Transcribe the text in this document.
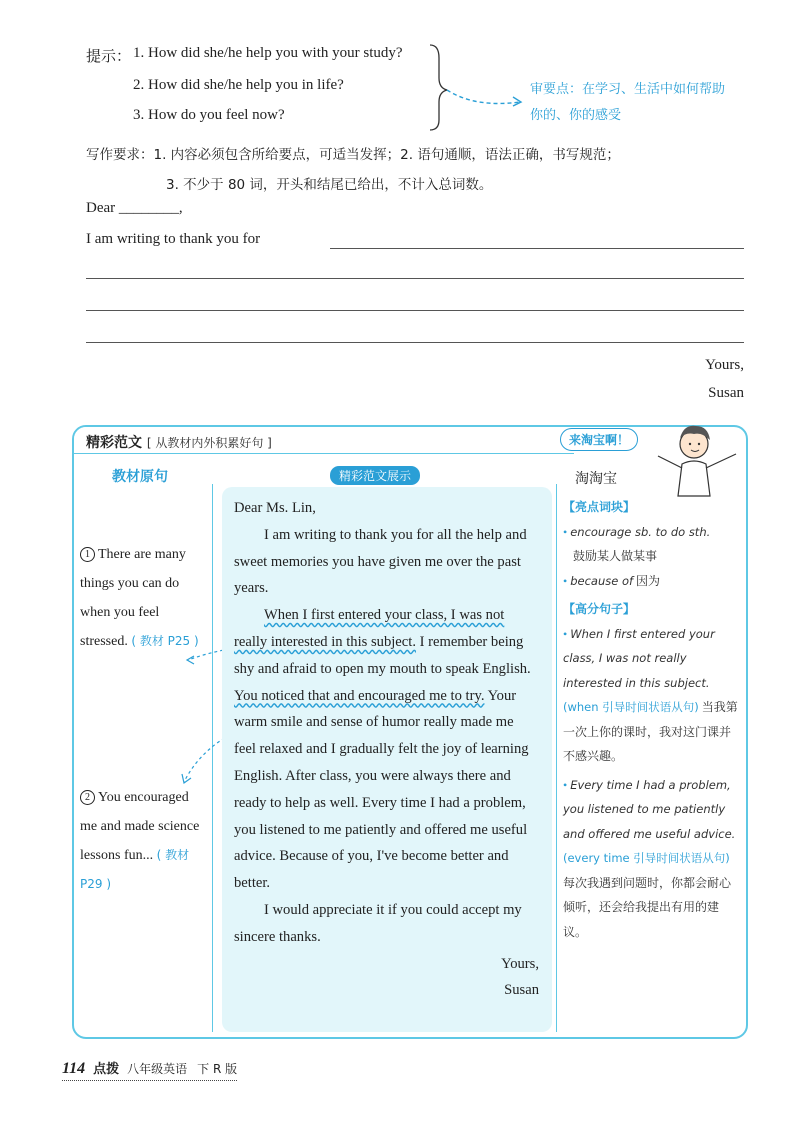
提示： 1. How did she/he help you with your study?
2. How did she/he help you in life?
3. How do you feel now?
审要点：在学习、生活中如何帮助
你的、你的感受
写作要求：1. 内容必须包含所给要点，可适当发挥；2. 语句通顺，语法正确，书写规范；
3. 不少于 80 词，开头和结尾已给出，不计入总词数。
Dear ________,
I am writing to thank you for
Yours,
Susan
精彩范文 [ 从教材内外积累好句 ]
教材原句	精彩范文展示	淘淘宝
来淘宝啊！
1 There are many things you can do when you feel stressed. ( 教材 P25 )
2 You encouraged me and made science lessons fun... ( 教材 P29 )

Dear Ms. Lin,

I am writing to thank you for all the help and sweet memories you have given me over the past years.

When I first entered your class, I was not really interested in this subject. I remember being shy and afraid to open my mouth to speak English. You noticed that and encouraged me to try. Your warm smile and sense of humor really made me feel relaxed and I gradually felt the joy of learning English. After class, you were always there and ready to help as well. Every time I had a problem, you listened to me patiently and offered me useful advice. Because of you, I've become better and better.

I would appreciate it if you could accept my sincere thanks.

Yours,

Susan

【亮点词块】
• encourage sb. to do sth.
鼓励某人做某事
• because of 因为
【高分句子】
• When I first entered your class, I was not really interested in this subject. (when 引导时间状语从句) 当我第一次上你的课时，我对这门课并不感兴趣。
• Every time I had a problem, you listened to me patiently and offered me useful advice. (every time 引导时间状语从句) 每次我遇到问题时，你都会耐心倾听，还会给我提出有用的建议。
114 点拨 八年级英语 下 R 版
